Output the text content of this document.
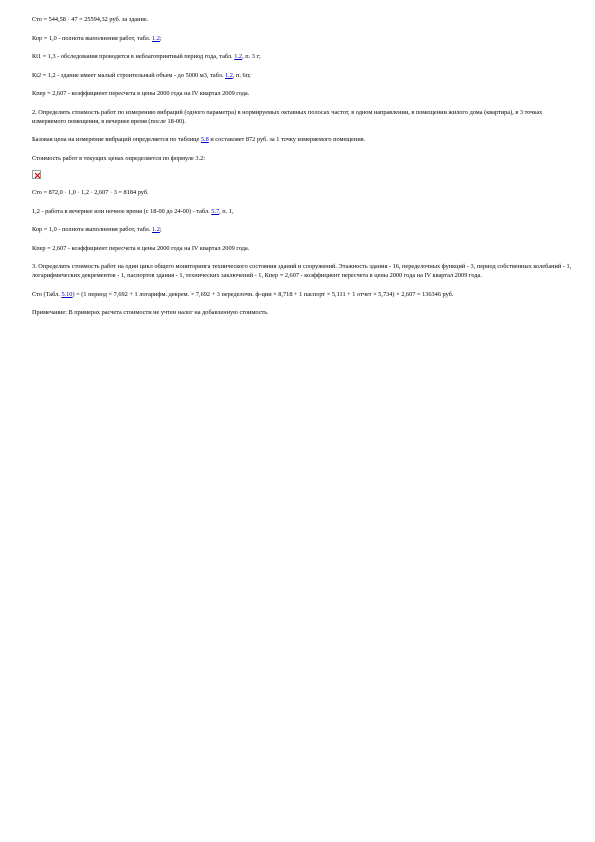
Сто = 544,58 · 47 = 25594,32 руб. за здание.

Кор = 1,0 - полнота выполнения работ, табл. 1.2;

Кt1 = 1,3 - обследования проводятся в неблагоприятный период года, табл. 1.2, п. 3 г;

Кt2 = 1,2 - здание имеет малый строительный объем - до 5000 м3, табл. 1.2, п. 6п;

Кпер = 2,607 - коэффициент пересчета в цены 2000 года на IV квартал 2009 года.

2. Определить стоимость работ по измерению вибраций (одного параметра) в нормируемых октавных полосах частот, в одном направлении, в помещении жилого дома (квартира), в 3 точках измеряемого помещения, в вечернее время (после 18-00).

Базовая цена на измерение вибраций определяется по таблице 5.8 и составляет 872 руб. за 1 точку измеряемого помещения.

Стоимость работ в текущих ценах определяется по формуле 3.2:

Сто = 872,0 · 1,0 · 1,2 · 2,607 · 3 = 8184 руб.

1,2 - работа в вечернее или ночное время (с 18-00 до 24-00) - табл. 5.7, п. 1,

Кор = 1,0 - полнота выполнения работ, табл. 1.2;

Кпер = 2,607 - коэффициент пересчета в цены 2000 года на IV квартал 2009 года.

3. Определить стоимость работ на один цикл общего мониторинга технического состояния зданий и сооружений. Этажность здания - 16, переделочных функций - 3, период собственных колебаний - 1, логарифмических декрементов - 1, паспортов здания - 1, технических заключений - 1, Кпер = 2,607 - коэффициент пересчета в цены 2000 года на IV квартал 2009 года.

Сто (Табл. 5.10) = (1 период × 7,692 + 1 логарифм. декрем. × 7,692 + 3 переделочн. ф-ции × 8,718 + 1 паспорт × 5,111 + 1 отчет × 5,734) × 2,607 = 136346 руб.

Примечание: В примерах расчета стоимости не учтен налог на добавленную стоимость.
